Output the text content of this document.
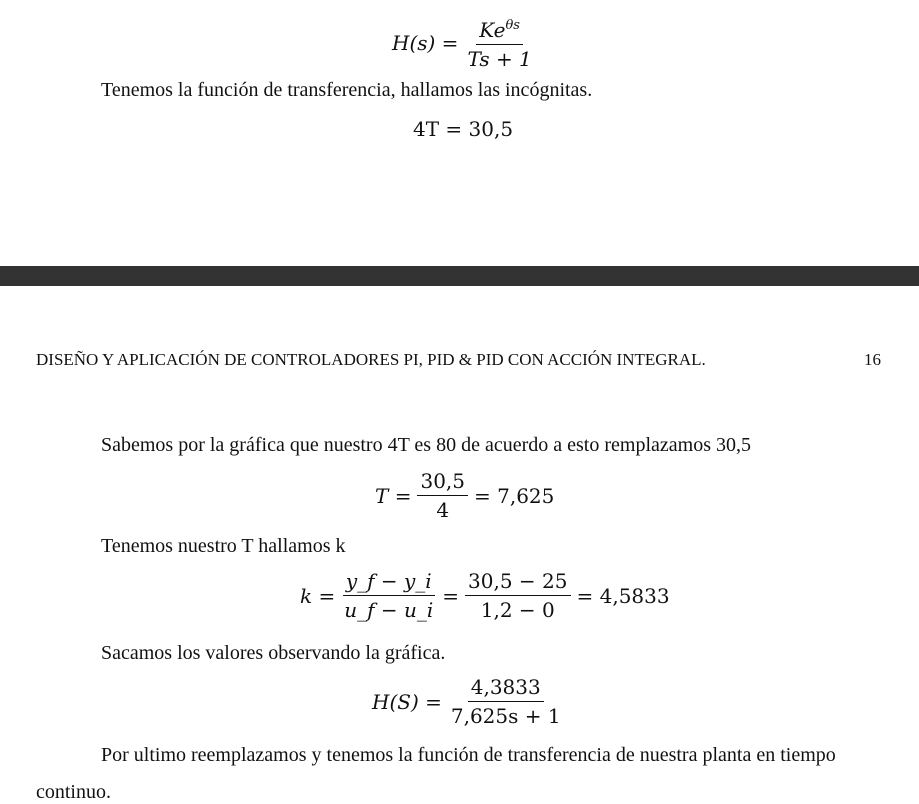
$H(s) = \frac{Ke^{\theta s}}{Ts + 1}$
Tenemos la función de transferencia, hallamos las incógnitas.
4T = 30,5
DISEÑO Y APLICACIÓN DE CONTROLADORES PI, PID & PID CON ACCIÓN INTEGRAL.	16
Sabemos por la gráfica que nuestro 4T es 80 de acuerdo a esto remplazamos 30,5
$T = \frac{30,5}{4} = 7,625$
Tenemos nuestro T hallamos k
$k = \frac{y\_f - y\_i}{u\_f - u\_i} = \frac{30,5 - 25}{1,2 - 0} = 4,5833$
Sacamos los valores observando la gráfica.
$H(S) = \frac{4,3833}{7,625s + 1}$
Por ultimo reemplazamos y tenemos la función de transferencia de nuestra planta en tiempo
continuo.
